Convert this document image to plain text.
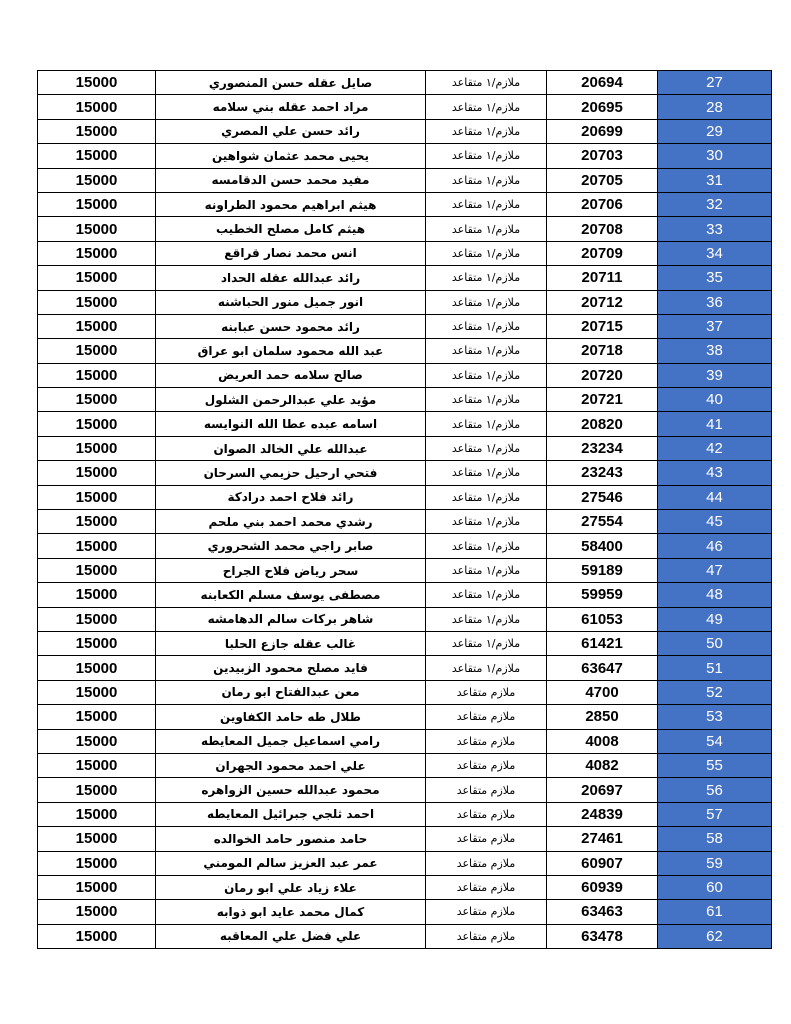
15000	صايل عقله حسن المنصوري	ملازم/١ متقاعد	20694	27
15000	مراد احمد عقله بني سلامه	ملازم/١ متقاعد	20695	28
15000	رائد حسن علي المصري	ملازم/١ متقاعد	20699	29
15000	يحيى محمد عثمان شواهين	ملازم/١ متقاعد	20703	30
15000	مفيد محمد حسن الدقامسه	ملازم/١ متقاعد	20705	31
15000	هيثم ابراهيم محمود الطراونه	ملازم/١ متقاعد	20706	32
15000	هيثم كامل مصلح الخطيب	ملازم/١ متقاعد	20708	33
15000	انس محمد نصار قراقع	ملازم/١ متقاعد	20709	34
15000	رائد عبدالله عقله الحداد	ملازم/١ متقاعد	20711	35
15000	انور جميل منور الحباشنه	ملازم/١ متقاعد	20712	36
15000	رائد محمود حسن عبابنه	ملازم/١ متقاعد	20715	37
15000	عبد الله محمود سلمان ابو عراق	ملازم/١ متقاعد	20718	38
15000	صالح سلامه حمد العريض	ملازم/١ متقاعد	20720	39
15000	مؤيد علي عبدالرحمن الشلول	ملازم/١ متقاعد	20721	40
15000	اسامه عبده عطا الله النوايسه	ملازم/١ متقاعد	20820	41
15000	عبدالله علي الخالد الصوان	ملازم/١ متقاعد	23234	42
15000	فتحي ارحيل حزيمي السرحان	ملازم/١ متقاعد	23243	43
15000	رائد فلاح احمد درادكة	ملازم/١ متقاعد	27546	44
15000	رشدي محمد احمد بني ملحم	ملازم/١ متقاعد	27554	45
15000	صابر راجي محمد الشحروري	ملازم/١ متقاعد	58400	46
15000	سحر رياض فلاح الجراح	ملازم/١ متقاعد	59189	47
15000	مصطفى يوسف مسلم الكعابنه	ملازم/١ متقاعد	59959	48
15000	شاهر بركات سالم الدهامشه	ملازم/١ متقاعد	61053	49
15000	غالب عقله جازع الحلبا	ملازم/١ متقاعد	61421	50
15000	فايد مصلح محمود الزبيدين	ملازم/١ متقاعد	63647	51
15000	معن عبدالفتاح ابو رمان	ملازم متقاعد	4700	52
15000	طلال طه حامد الكفاوين	ملازم متقاعد	2850	53
15000	رامي اسماعيل جميل المعايطه	ملازم متقاعد	4008	54
15000	علي احمد محمود الجهران	ملازم متقاعد	4082	55
15000	محمود عبدالله حسين الزواهره	ملازم متقاعد	20697	56
15000	احمد ثلجي جبرائيل المعايطه	ملازم متقاعد	24839	57
15000	حامد منصور حامد الخوالده	ملازم متقاعد	27461	58
15000	عمر عبد العزيز سالم المومني	ملازم متقاعد	60907	59
15000	علاء زياد علي ابو رمان	ملازم متقاعد	60939	60
15000	كمال محمد عايد ابو ذوابه	ملازم متقاعد	63463	61
15000	علي فضل علي المعاقبه	ملازم متقاعد	63478	62
